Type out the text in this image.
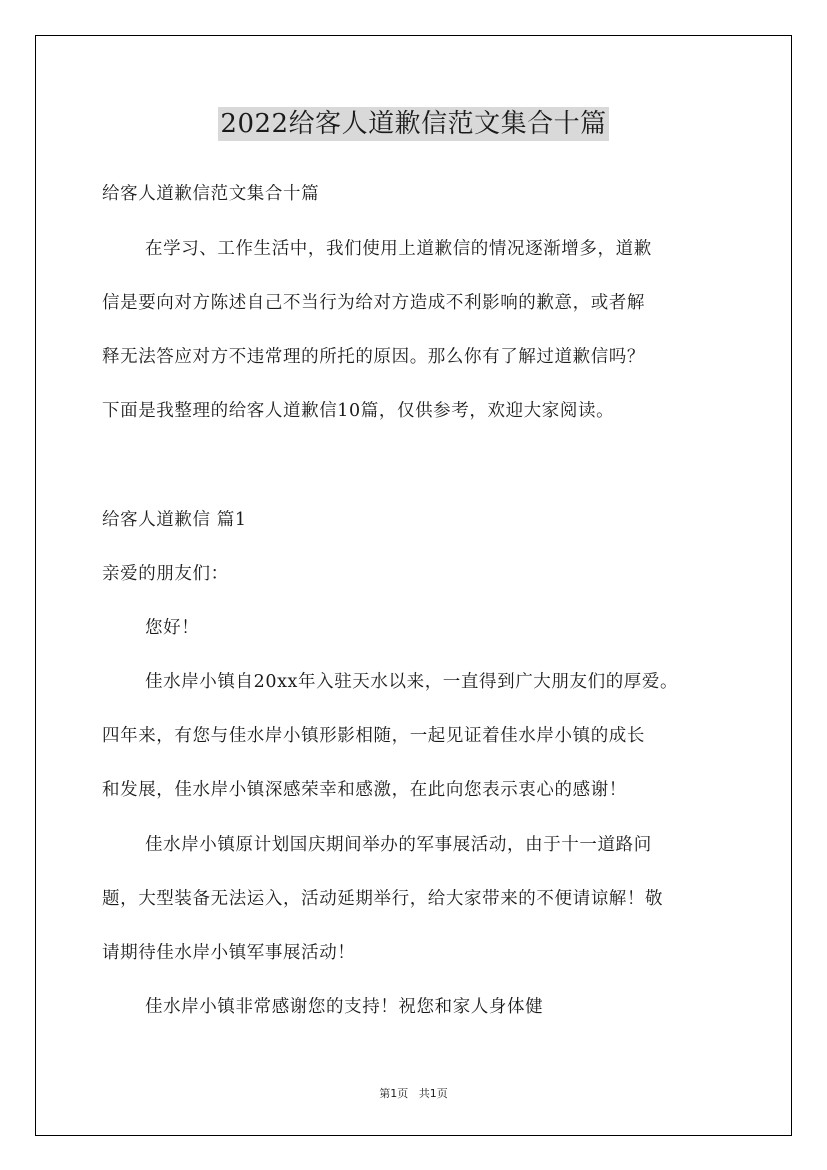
2022给客人道歉信范文集合十篇
给客人道歉信范文集合十篇
在学习、工作生活中，我们使用上道歉信的情况逐渐增多，道歉
信是要向对方陈述自己不当行为给对方造成不利影响的歉意，或者解
释无法答应对方不违常理的所托的原因。那么你有了解过道歉信吗？
下面是我整理的给客人道歉信10篇，仅供参考，欢迎大家阅读。
给客人道歉信 篇1
亲爱的朋友们：
您好！
佳水岸小镇自20xx年入驻天水以来，一直得到广大朋友们的厚爱。
四年来，有您与佳水岸小镇形影相随，一起见证着佳水岸小镇的成长
和发展，佳水岸小镇深感荣幸和感激，在此向您表示衷心的感谢！
佳水岸小镇原计划国庆期间举办的军事展活动，由于十一道路问
题，大型装备无法运入，活动延期举行，给大家带来的不便请谅解！敬
请期待佳水岸小镇军事展活动！
佳水岸小镇非常感谢您的支持！祝您和家人身体健
第1页 共1页
